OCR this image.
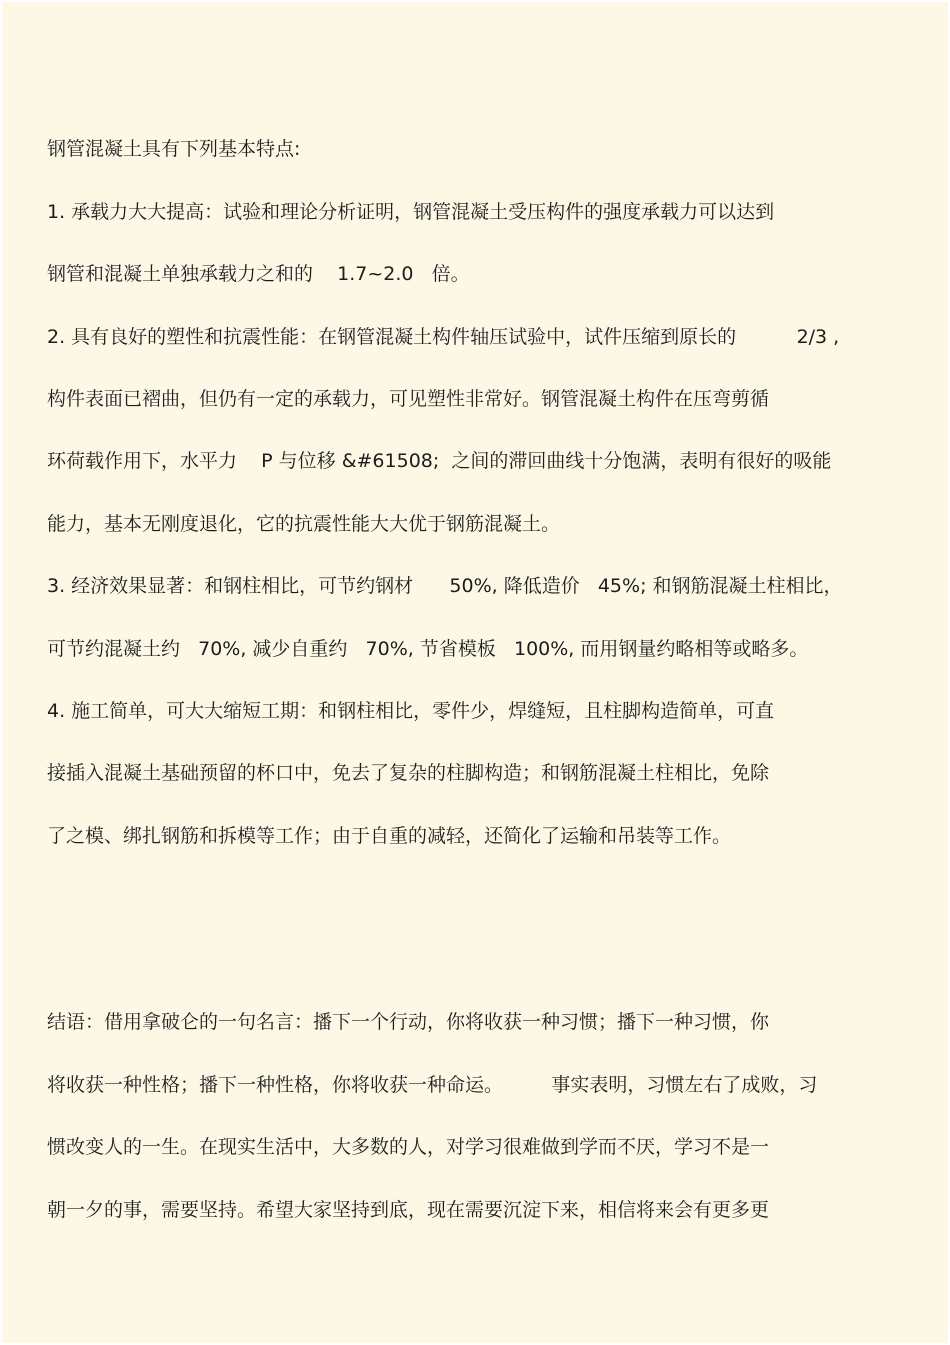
钢管混凝土具有下列基本特点:

1. 承载力大大提高：试验和理论分析证明，钢管混凝土受压构件的强度承载力可以达到

钢管和混凝土单独承载力之和的    1.7~2.0   倍。

2. 具有良好的塑性和抗震性能：在钢管混凝土构件轴压试验中，试件压缩到原长的          2/3 ,

构件表面已褶曲，但仍有一定的承载力，可见塑性非常好。钢管混凝土构件在压弯剪循

环荷载作用下，水平力    P 与位移 &#61508;  之间的滞回曲线十分饱满，表明有很好的吸能

能力，基本无刚度退化，它的抗震性能大大优于钢筋混凝土。

3. 经济效果显著：和钢柱相比，可节约钢材      50%, 降低造价   45%; 和钢筋混凝土柱相比，

可节约混凝土约   70%, 减少自重约   70%, 节省模板   100%, 而用钢量约略相等或略多。

4. 施工简单，可大大缩短工期：和钢柱相比，零件少，焊缝短，且柱脚构造简单，可直

接插入混凝土基础预留的杯口中，免去了复杂的柱脚构造；和钢筋混凝土柱相比，免除

了之模、绑扎钢筋和拆模等工作；由于自重的减轻，还简化了运输和吊装等工作。

结语：借用拿破仑的一句名言：播下一个行动，你将收获一种习惯；播下一种习惯，你

将收获一种性格；播下一种性格，你将收获一种命运。        事实表明，习惯左右了成败，习

惯改变人的一生。在现实生活中，大多数的人，对学习很难做到学而不厌，学习不是一

朝一夕的事，需要坚持。希望大家坚持到底，现在需要沉淀下来，相信将来会有更多更
